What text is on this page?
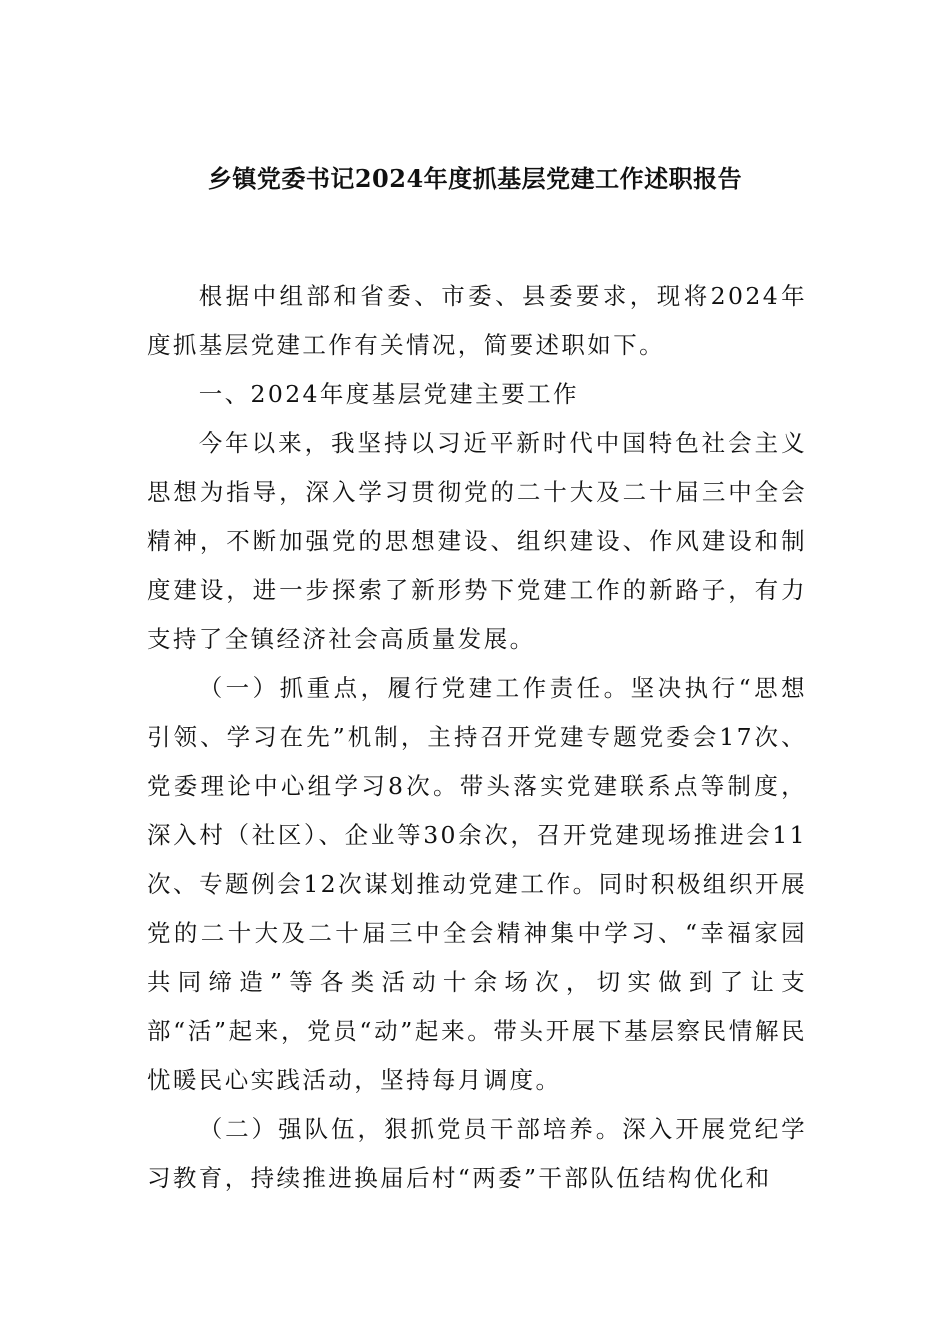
乡镇党委书记2024年度抓基层党建工作述职报告

根据中组部和省委、市委、县委要求，现将2024年度抓基层党建工作有关情况，简要述职如下。

一、2024年度基层党建主要工作

今年以来，我坚持以习近平新时代中国特色社会主义思想为指导，深入学习贯彻党的二十大及二十届三中全会精神，不断加强党的思想建设、组织建设、作风建设和制度建设，进一步探索了新形势下党建工作的新路子，有力支持了全镇经济社会高质量发展。

（一）抓重点，履行党建工作责任。坚决执行“思想引领、学习在先”机制，主持召开党建专题党委会17次、党委理论中心组学习8次。带头落实党建联系点等制度，深入村（社区）、企业等30余次，召开党建现场推进会11次、专题例会12次谋划推动党建工作。同时积极组织开展党的二十大及二十届三中全会精神集中学习、“幸福家园共同缔造”等各类活动十余场次，切实做到了让支部“活”起来，党员“动”起来。带头开展下基层察民情解民忧暖民心实践活动，坚持每月调度。

（二）强队伍，狠抓党员干部培养。深入开展党纪学习教育，持续推进换届后村“两委”干部队伍结构优化和
